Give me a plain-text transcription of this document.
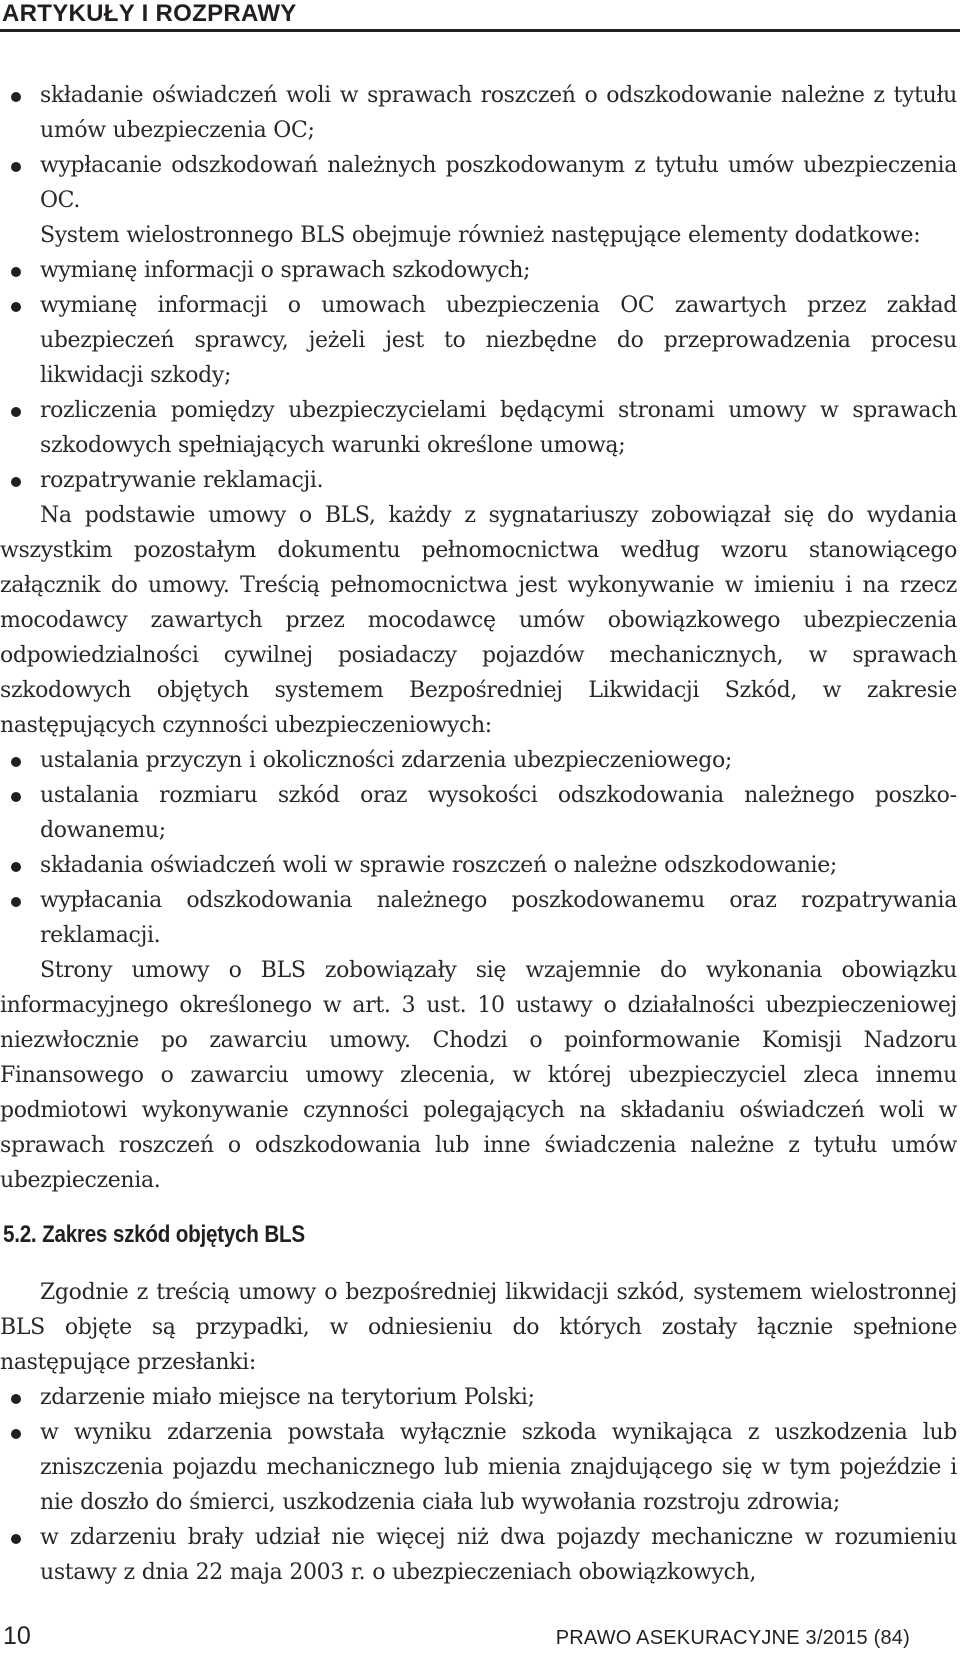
ARTYKUŁY I ROZPRAWY
składanie oświadczeń woli w sprawach roszczeń o odszkodowanie należne z tytułu umów ubezpieczenia OC;
wypłacanie odszkodowań należnych poszkodowanym z tytułu umów ubezpieczenia OC.

System wielostronnego BLS obejmuje również następujące elementy dodatkowe:

wymianę informacji o sprawach szkodowych;
wymianę informacji o umowach ubezpieczenia OC zawartych przez zakład ubezpieczeń sprawcy, jeżeli jest to niezbędne do przeprowadzenia procesu likwidacji szkody;
rozliczenia pomiędzy ubezpieczycielami będącymi stronami umowy w sprawach szkodowych spełniających warunki określone umową;
rozpatrywanie reklamacji.

Na podstawie umowy o BLS, każdy z sygnatariuszy zobowiązał się do wydania wszystkim pozostałym dokumentu pełnomocnictwa według wzoru stanowiącego załącznik do umowy. Treścią pełnomocnictwa jest wykonywanie w imieniu i na rzecz mocodawcy zawartych przez mocodawcę umów obowiązkowego ubezpieczenia odpowiedzialności cywilnej posiadaczy pojazdów mechanicznych, w sprawach szkodowych objętych systemem Bezpośredniej Likwidacji Szkód, w zakresie następujących czynności ubezpieczeniowych:

ustalania przyczyn i okoliczności zdarzenia ubezpieczeniowego;
ustalania rozmiaru szkód oraz wysokości odszkodowania należnego poszkodowanemu;
składania oświadczeń woli w sprawie roszczeń o należne odszkodowanie;
wypłacania odszkodowania należnego poszkodowanemu oraz rozpatrywania reklamacji.

Strony umowy o BLS zobowiązały się wzajemnie do wykonania obowiązku informacyjnego określonego w art. 3 ust. 10 ustawy o działalności ubezpieczeniowej niezwłocznie po zawarciu umowy. Chodzi o poinformowanie Komisji Nadzoru Finansowego o zawarciu umowy zlecenia, w której ubezpieczyciel zleca innemu podmiotowi wykonywanie czynności polegających na składaniu oświadczeń woli w sprawach roszczeń o odszkodowania lub inne świadczenia należne z tytułu umów ubezpieczenia.

5.2. Zakres szkód objętych BLS

Zgodnie z treścią umowy o bezpośredniej likwidacji szkód, systemem wielostronnej BLS objęte są przypadki, w odniesieniu do których zostały łącznie spełnione następujące przesłanki:

zdarzenie miało miejsce na terytorium Polski;
w wyniku zdarzenia powstała wyłącznie szkoda wynikająca z uszkodzenia lub zniszczenia pojazdu mechanicznego lub mienia znajdującego się w tym pojeździe i nie doszło do śmierci, uszkodzenia ciała lub wywołania rozstroju zdrowia;
w zdarzeniu brały udział nie więcej niż dwa pojazdy mechaniczne w rozumieniu ustawy z dnia 22 maja 2003 r. o ubezpieczeniach obowiązkowych,
10	PRAWO ASEKURACYJNE 3/2015 (84)
